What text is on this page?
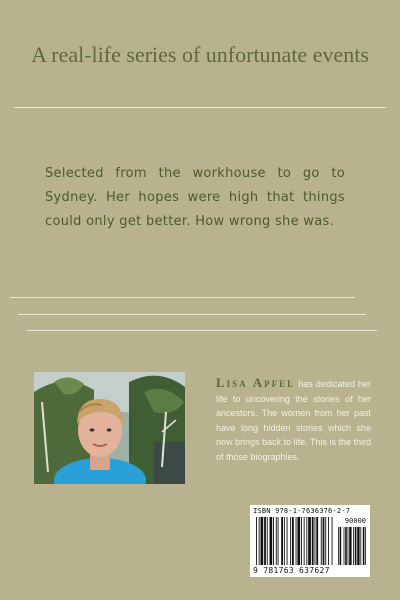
A real-life series of unfortunate events
Selected from the workhouse to go to Sydney. Her hopes were high that things could only get better. How wrong she was.
Lisa Apfel has dedicated her life to uncovering the stories of her ancestors. The women from her past have long hidden stories which she now brings back to life. This is the third of those biographies.
ISBN 978-1-7636376-2-7
90000
9 781763 637627
